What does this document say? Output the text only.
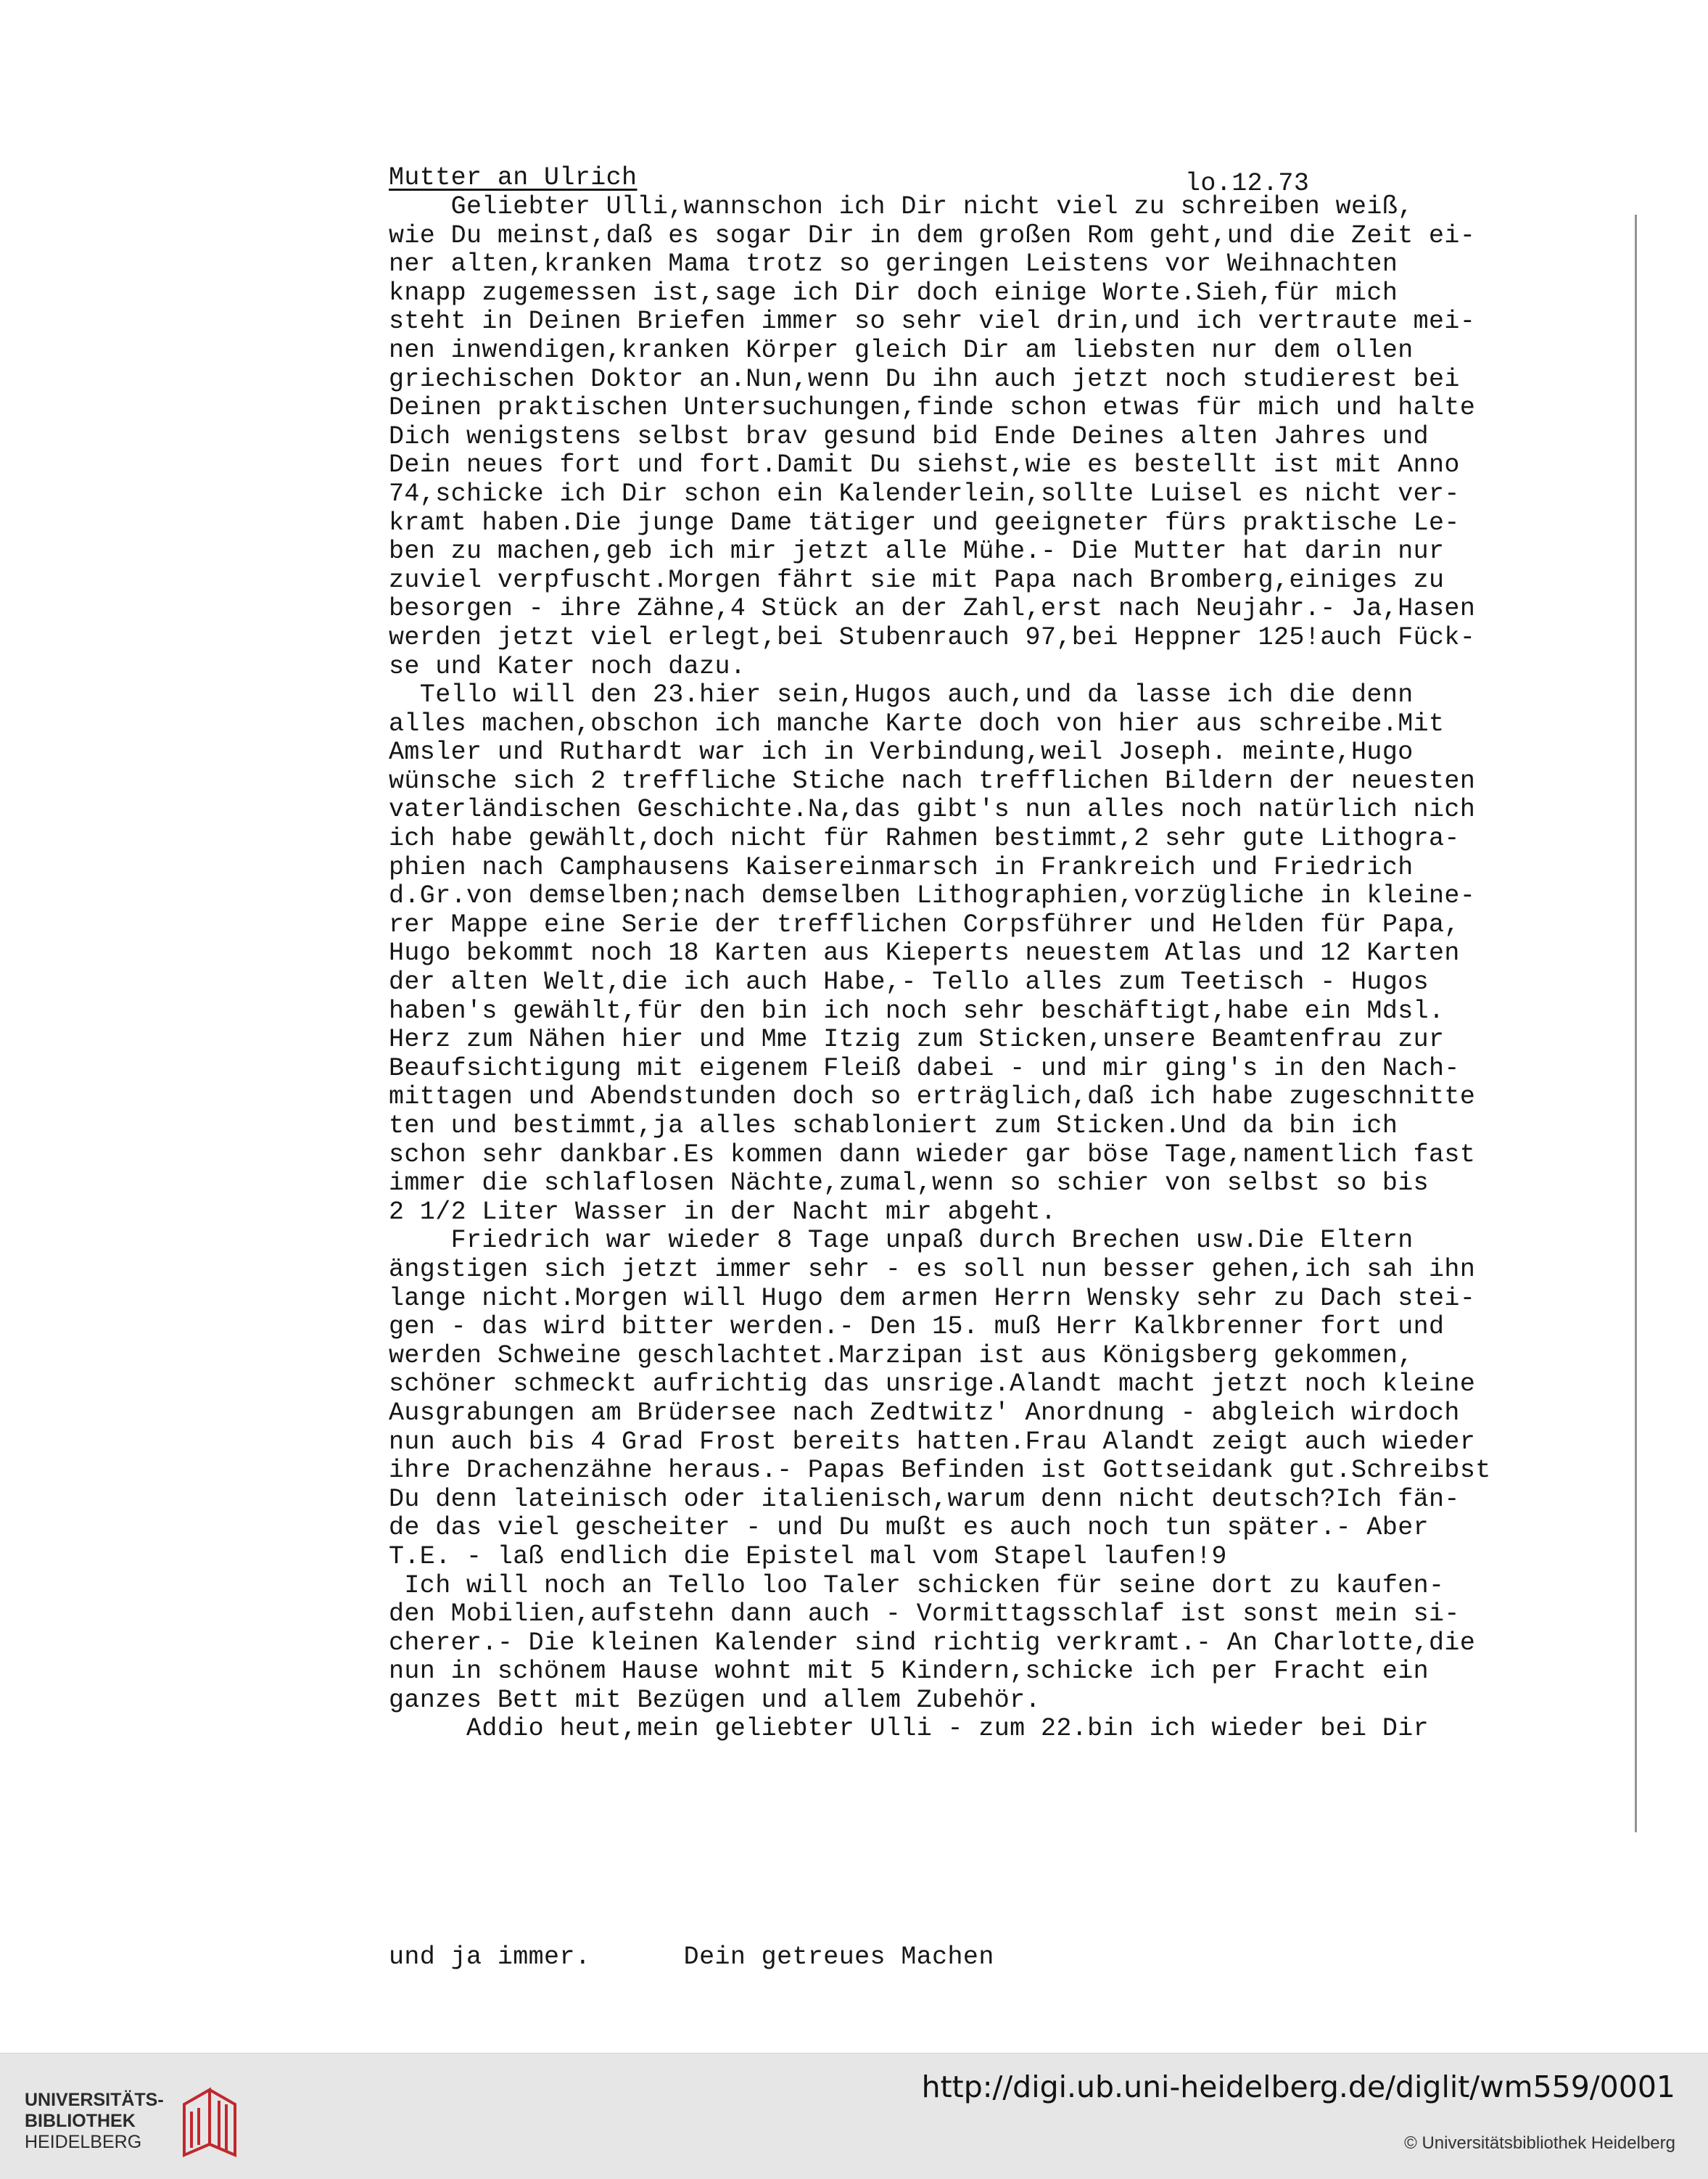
Mutter an Ulrich	lo.12.73
Geliebter Ulli,wannschon ich Dir nicht viel zu schreiben weiß,
wie Du meinst,daß es sogar Dir in dem großen Rom geht,und die Zeit ei-
ner alten,kranken Mama trotz so geringen Leistens vor Weihnachten
knapp zugemessen ist,sage ich Dir doch einige Worte.Sieh,für mich
steht in Deinen Briefen immer so sehr viel drin,und ich vertraute mei-
nen inwendigen,kranken Körper gleich Dir am liebsten nur dem ollen
griechischen Doktor an.Nun,wenn Du ihn auch jetzt noch studierest bei
Deinen praktischen Untersuchungen,finde schon etwas für mich und halte
Dich wenigstens selbst brav gesund bid Ende Deines alten Jahres und
Dein neues fort und fort.Damit Du siehst,wie es bestellt ist mit Anno
74,schicke ich Dir schon ein Kalenderlein,sollte Luisel es nicht ver-
kramt haben.Die junge Dame tätiger und geeigneter fürs praktische Le-
ben zu machen,geb ich mir jetzt alle Mühe.- Die Mutter hat darin nur
zuviel verpfuscht.Morgen fährt sie mit Papa nach Bromberg,einiges zu
besorgen - ihre Zähne,4 Stück an der Zahl,erst nach Neujahr.- Ja,Hasen
werden jetzt viel erlegt,bei Stubenrauch 97,bei Heppner 125!auch Fück-
se und Kater noch dazu.
Tello will den 23.hier sein,Hugos auch,und da lasse ich die denn
alles machen,obschon ich manche Karte doch von hier aus schreibe.Mit
Amsler und Ruthardt war ich in Verbindung,weil Joseph. meinte,Hugo
wünsche sich 2 treffliche Stiche nach trefflichen Bildern der neuesten
vaterländischen Geschichte.Na,das gibt's nun alles noch natürlich nich
ich habe gewählt,doch nicht für Rahmen bestimmt,2 sehr gute Lithogra-
phien nach Camphausens Kaisereinmarsch in Frankreich und Friedrich
d.Gr.von demselben;nach demselben Lithographien,vorzügliche in kleine-
rer Mappe eine Serie der trefflichen Corpsführer und Helden für Papa,
Hugo bekommt noch 18 Karten aus Kieperts neuestem Atlas und 12 Karten
der alten Welt,die ich auch Habe,- Tello alles zum Teetisch - Hugos
haben's gewählt,für den bin ich noch sehr beschäftigt,habe ein Mdsl.
Herz zum Nähen hier und Mme Itzig zum Sticken,unsere Beamtenfrau zur
Beaufsichtigung mit eigenem Fleiß dabei - und mir ging's in den Nach-
mittagen und Abendstunden doch so erträglich,daß ich habe zugeschnitte
ten und bestimmt,ja alles schabloniert zum Sticken.Und da bin ich
schon sehr dankbar.Es kommen dann wieder gar böse Tage,namentlich fast
immer die schlaflosen Nächte,zumal,wenn so schier von selbst so bis
2 1/2 Liter Wasser in der Nacht mir abgeht.
Friedrich war wieder 8 Tage unpaß durch Brechen usw.Die Eltern
ängstigen sich jetzt immer sehr - es soll nun besser gehen,ich sah ihn
lange nicht.Morgen will Hugo dem armen Herrn Wensky sehr zu Dach stei-
gen - das wird bitter werden.- Den 15. muß Herr Kalkbrenner fort und
werden Schweine geschlachtet.Marzipan ist aus Königsberg gekommen,
schöner schmeckt aufrichtig das unsrige.Alandt macht jetzt noch kleine
Ausgrabungen am Brüdersee nach Zedtwitz' Anordnung - abgleich wirdoch
nun auch bis 4 Grad Frost bereits hatten.Frau Alandt zeigt auch wieder
ihre Drachenzähne heraus.- Papas Befinden ist Gottseidank gut.Schreibst
Du denn lateinisch oder italienisch,warum denn nicht deutsch?Ich fän-
de das viel gescheiter - und Du mußt es auch noch tun später.- Aber
T.E. - laß endlich die Epistel mal vom Stapel laufen!9
Ich will noch an Tello loo Taler schicken für seine dort zu kaufen-
den Mobilien,aufstehn dann auch - Vormittagsschlaf ist sonst mein si-
cherer.- Die kleinen Kalender sind richtig verkramt.- An Charlotte,die
nun in schönem Hause wohnt mit 5 Kindern,schicke ich per Fracht ein
ganzes Bett mit Bezügen und allem Zubehör.
Addio heut,mein geliebter Ulli - zum 22.bin ich wieder bei Dir
und ja immer.      Dein getreues Machen
UNIVERSITÄTS-
BIBLIOTHEK
HEIDELBERG
http://digi.ub.uni-heidelberg.de/diglit/wm559/0001
© Universitätsbibliothek Heidelberg
